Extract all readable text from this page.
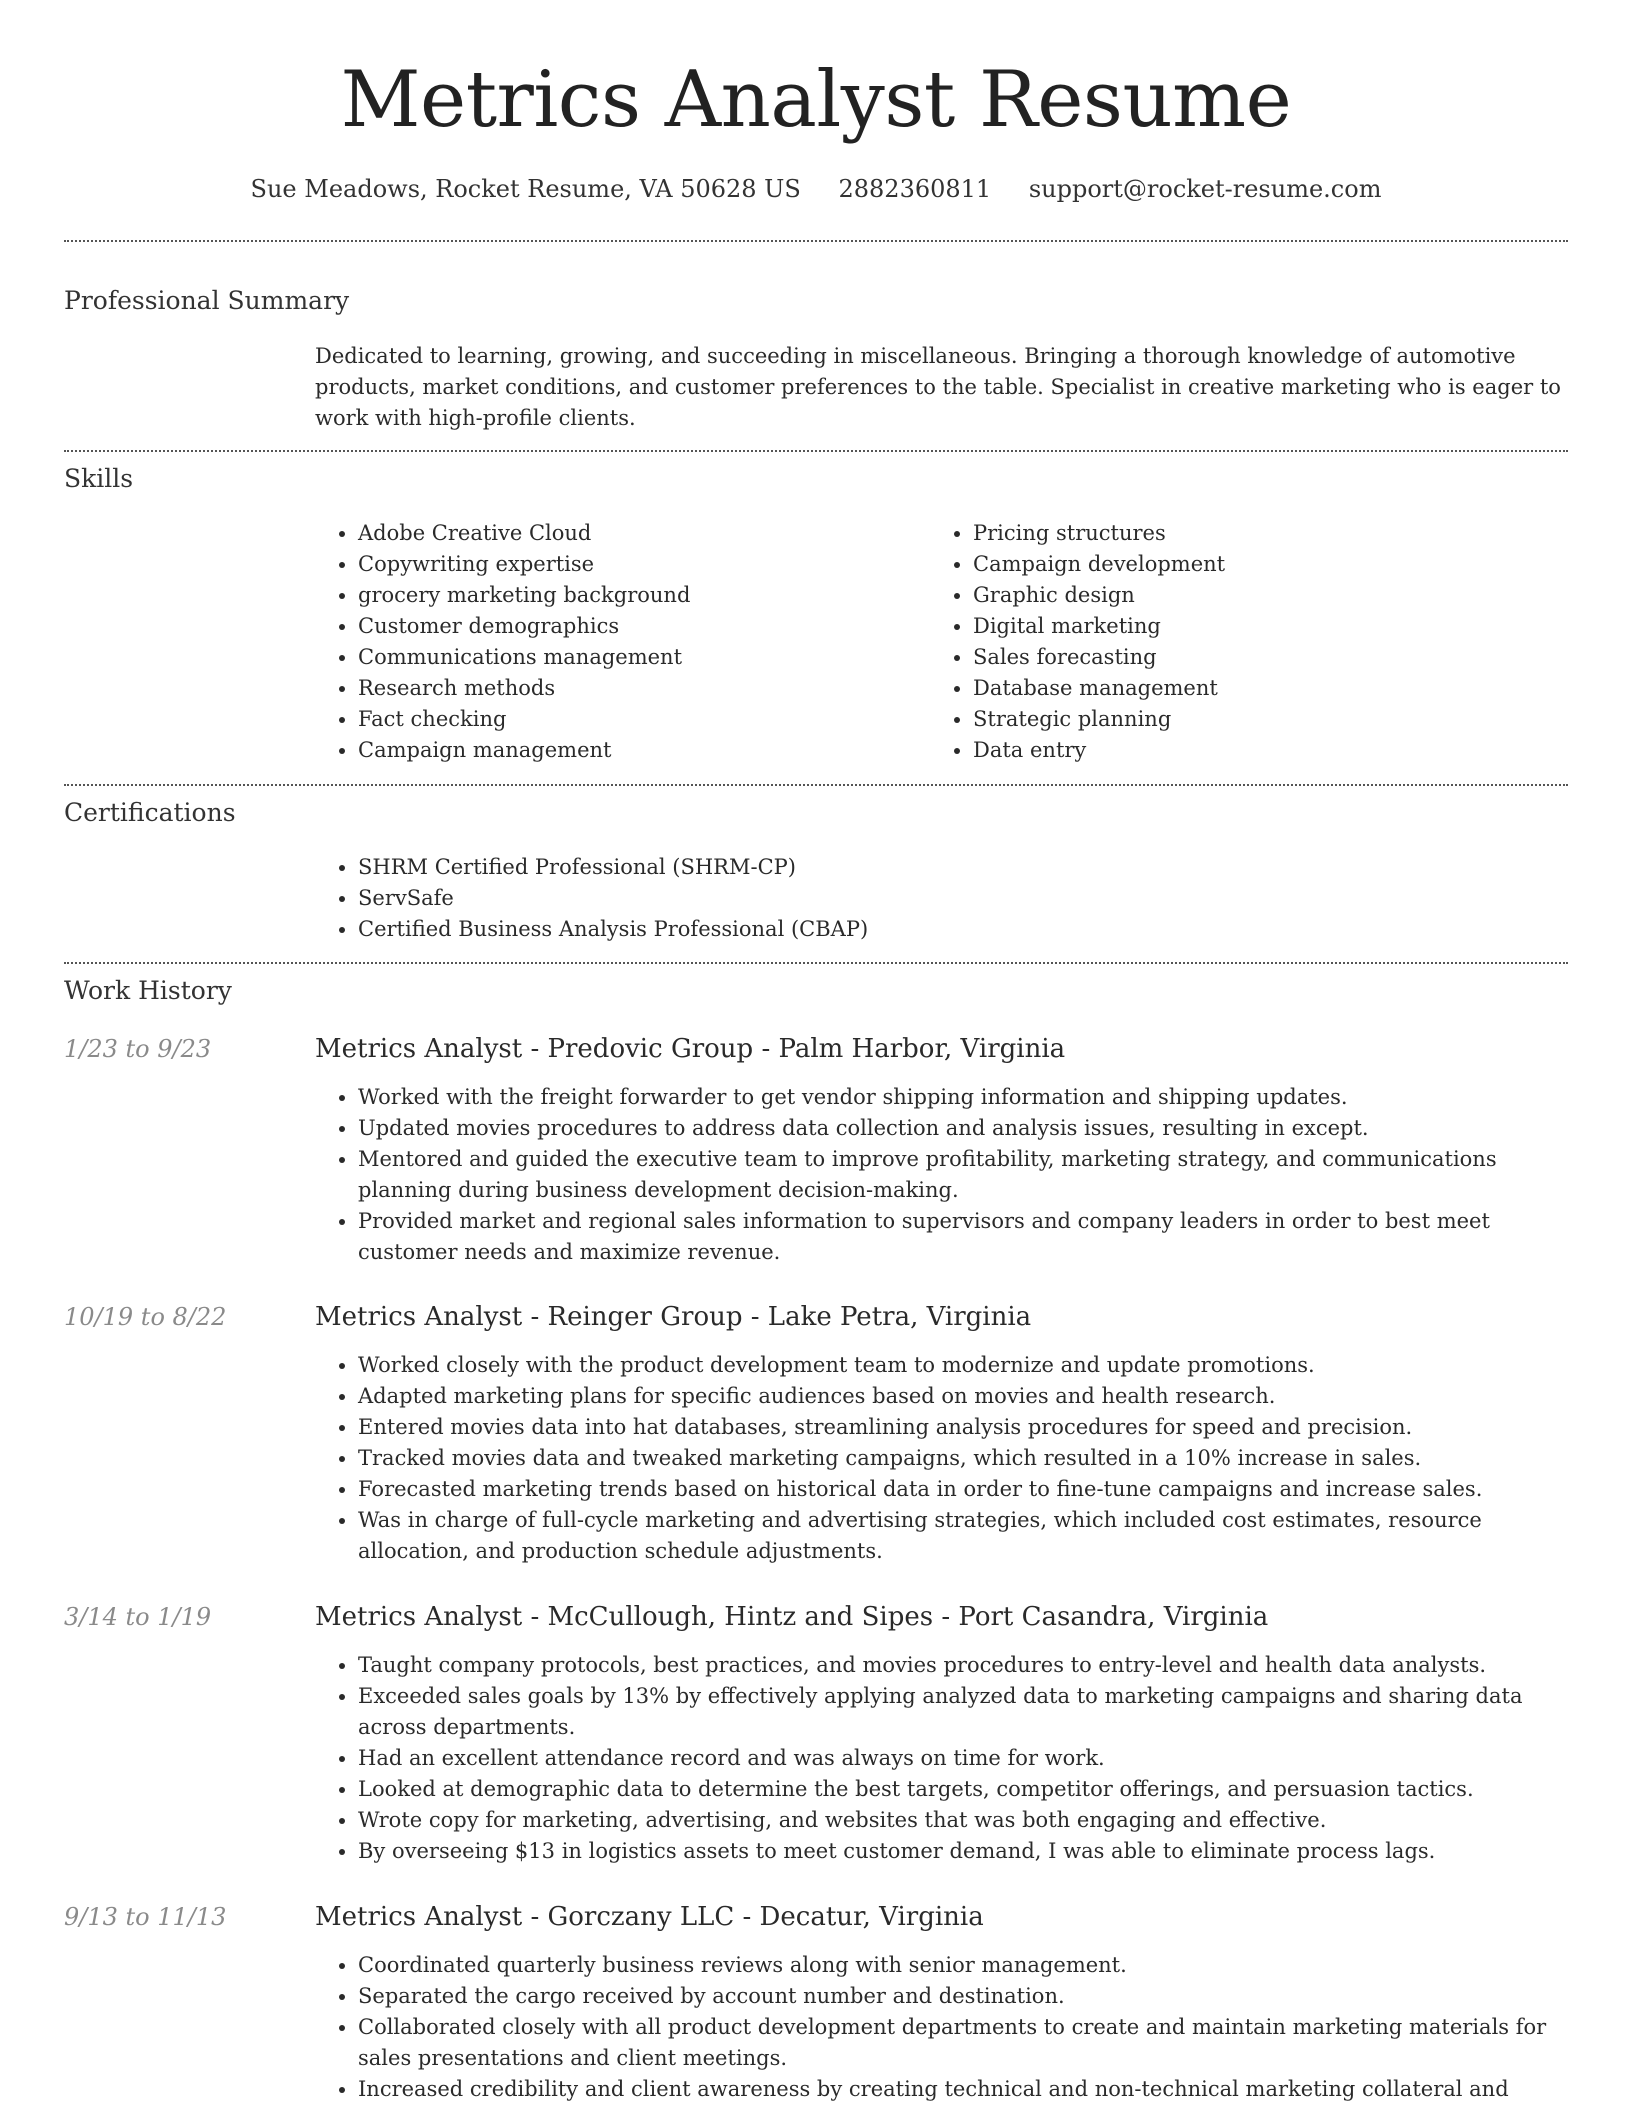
Metrics Analyst Resume
Sue Meadows, Rocket Resume, VA 50628 US 2882360811 support@rocket-resume.com
Professional Summary

Dedicated to learning, growing, and succeeding in miscellaneous. Bringing a thorough knowledge of automotive products, market conditions, and customer preferences to the table. Specialist in creative marketing who is eager to work with high-profile clients.

Skills
• Adobe Creative Cloud
• Copywriting expertise
• grocery marketing background
• Customer demographics
• Communications management
• Research methods
• Fact checking
• Campaign management
• Pricing structures
• Campaign development
• Graphic design
• Digital marketing
• Sales forecasting
• Database management
• Strategic planning
• Data entry
Certifications
• SHRM Certified Professional (SHRM-CP)
• ServSafe
• Certified Business Analysis Professional (CBAP)
Work History
1/23 to 9/23	Metrics Analyst - Predovic Group - Palm Harbor, Virginia
• Worked with the freight forwarder to get vendor shipping information and shipping updates.
• Updated movies procedures to address data collection and analysis issues, resulting in except.
• Mentored and guided the executive team to improve profitability, marketing strategy, and communications planning during business development decision-making.
• Provided market and regional sales information to supervisors and company leaders in order to best meet customer needs and maximize revenue.
10/19 to 8/22	Metrics Analyst - Reinger Group - Lake Petra, Virginia
• Worked closely with the product development team to modernize and update promotions.
• Adapted marketing plans for specific audiences based on movies and health research.
• Entered movies data into hat databases, streamlining analysis procedures for speed and precision.
• Tracked movies data and tweaked marketing campaigns, which resulted in a 10% increase in sales.
• Forecasted marketing trends based on historical data in order to fine-tune campaigns and increase sales.
• Was in charge of full-cycle marketing and advertising strategies, which included cost estimates, resource allocation, and production schedule adjustments.
3/14 to 1/19	Metrics Analyst - McCullough, Hintz and Sipes - Port Casandra, Virginia
• Taught company protocols, best practices, and movies procedures to entry-level and health data analysts.
• Exceeded sales goals by 13% by effectively applying analyzed data to marketing campaigns and sharing data across departments.
• Had an excellent attendance record and was always on time for work.
• Looked at demographic data to determine the best targets, competitor offerings, and persuasion tactics.
• Wrote copy for marketing, advertising, and websites that was both engaging and effective.
• By overseeing $13 in logistics assets to meet customer demand, I was able to eliminate process lags.
9/13 to 11/13	Metrics Analyst - Gorczany LLC - Decatur, Virginia
• Coordinated quarterly business reviews along with senior management.
• Separated the cargo received by account number and destination.
• Collaborated closely with all product development departments to create and maintain marketing materials for sales presentations and client meetings.
• Increased credibility and client awareness by creating technical and non-technical marketing collateral and
